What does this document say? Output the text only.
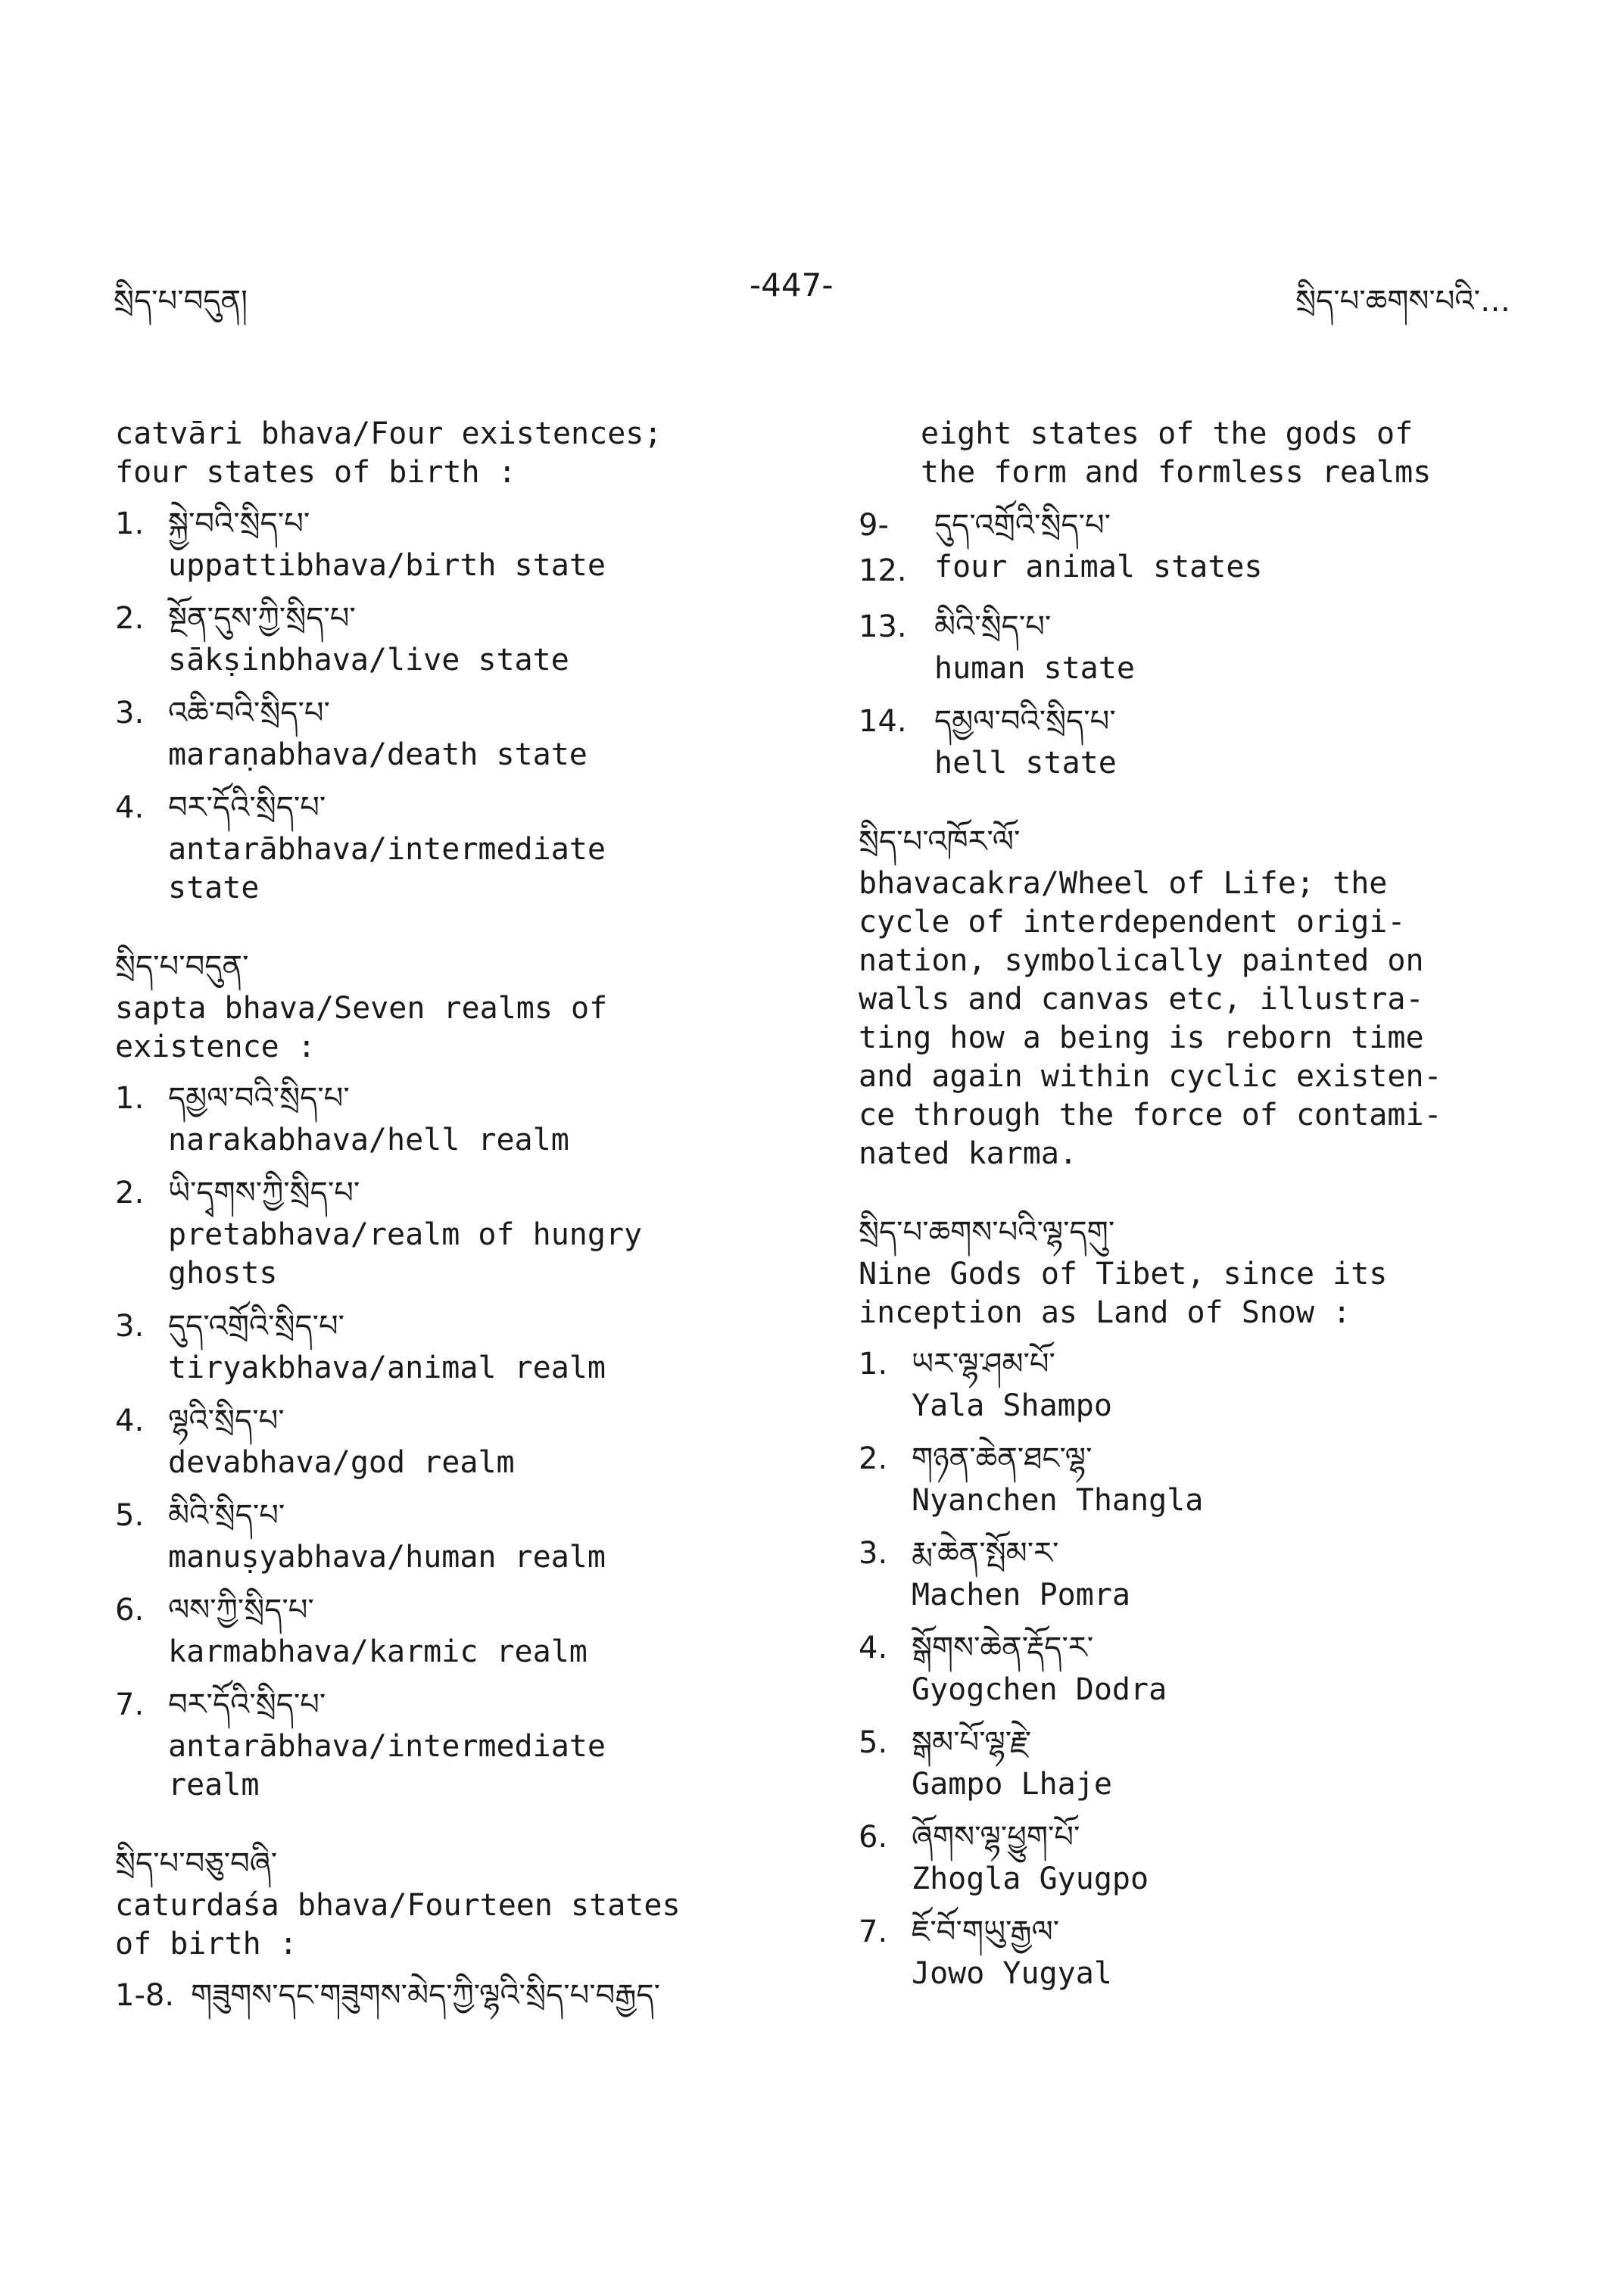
སྲིད་པ་བདུན།	-447-	སྲིད་པ་ཆགས་པའི་…
catvāri bhava/Four existences;
four states of birth :
1. སྐྱེ་བའི་སྲིད་པ་
uppattibhava/birth state
2. སྔོན་དུས་ཀྱི་སྲིད་པ་
sākṣinbhava/live state
3. འཆི་བའི་སྲིད་པ་
maraṇabhava/death state
4. བར་དོའི་སྲིད་པ་
antarābhava/intermediate
state
སྲིད་པ་བདུན་
sapta bhava/Seven realms of
existence :
1. དམྱལ་བའི་སྲིད་པ་
narakabhava/hell realm
2. ཡི་དྭགས་ཀྱི་སྲིད་པ་
pretabhava/realm of hungry
ghosts
3. དུད་འགྲོའི་སྲིད་པ་
tiryakbhava/animal realm
4. ལྷའི་སྲིད་པ་
devabhava/god realm
5. མིའི་སྲིད་པ་
manuṣyabhava/human realm
6. ལས་ཀྱི་སྲིད་པ་
karmabhava/karmic realm
7. བར་དོའི་སྲིད་པ་
antarābhava/intermediate
realm
སྲིད་པ་བཅུ་བཞི་
caturdaśa bhava/Fourteen states
of birth :
1-8. གཟུགས་དང་གཟུགས་མེད་ཀྱི་ལྷའི་སྲིད་པ་བརྒྱད་
eight states of the gods of
the form and formless realms
9-12.
དུད་འགྲོའི་སྲིད་པ་
four animal states
13. མིའི་སྲིད་པ་
human state
14. དམྱལ་བའི་སྲིད་པ་
hell state
སྲིད་པ་འཁོར་ལོ་
bhavacakra/Wheel of Life; the
cycle of interdependent origi-
nation, symbolically painted on
walls and canvas etc, illustra-
ting how a being is reborn time
and again within cyclic existen-
ce through the force of contami-
nated karma.
སྲིད་པ་ཆགས་པའི་ལྷ་དགུ་
Nine Gods of Tibet, since its
inception as Land of Snow :
1. ཡར་ལྷ་ཤམ་པོ་
Yala Shampo
2. གཉན་ཆེན་ཐང་ལྷ་
Nyanchen Thangla
3. རྨ་ཆེན་སྤོམ་ར་
Machen Pomra
4. སྒོགས་ཆེན་རྡོད་ར་
Gyogchen Dodra
5. སྒམ་པོ་ལྷ་རྗེ་
Gampo Lhaje
6. ཞོགས་ལྷ་ཕྱུག་པོ་
Zhogla Gyugpo
7. ཇོ་བོ་གཡུ་རྒྱལ་
Jowo Yugyal
